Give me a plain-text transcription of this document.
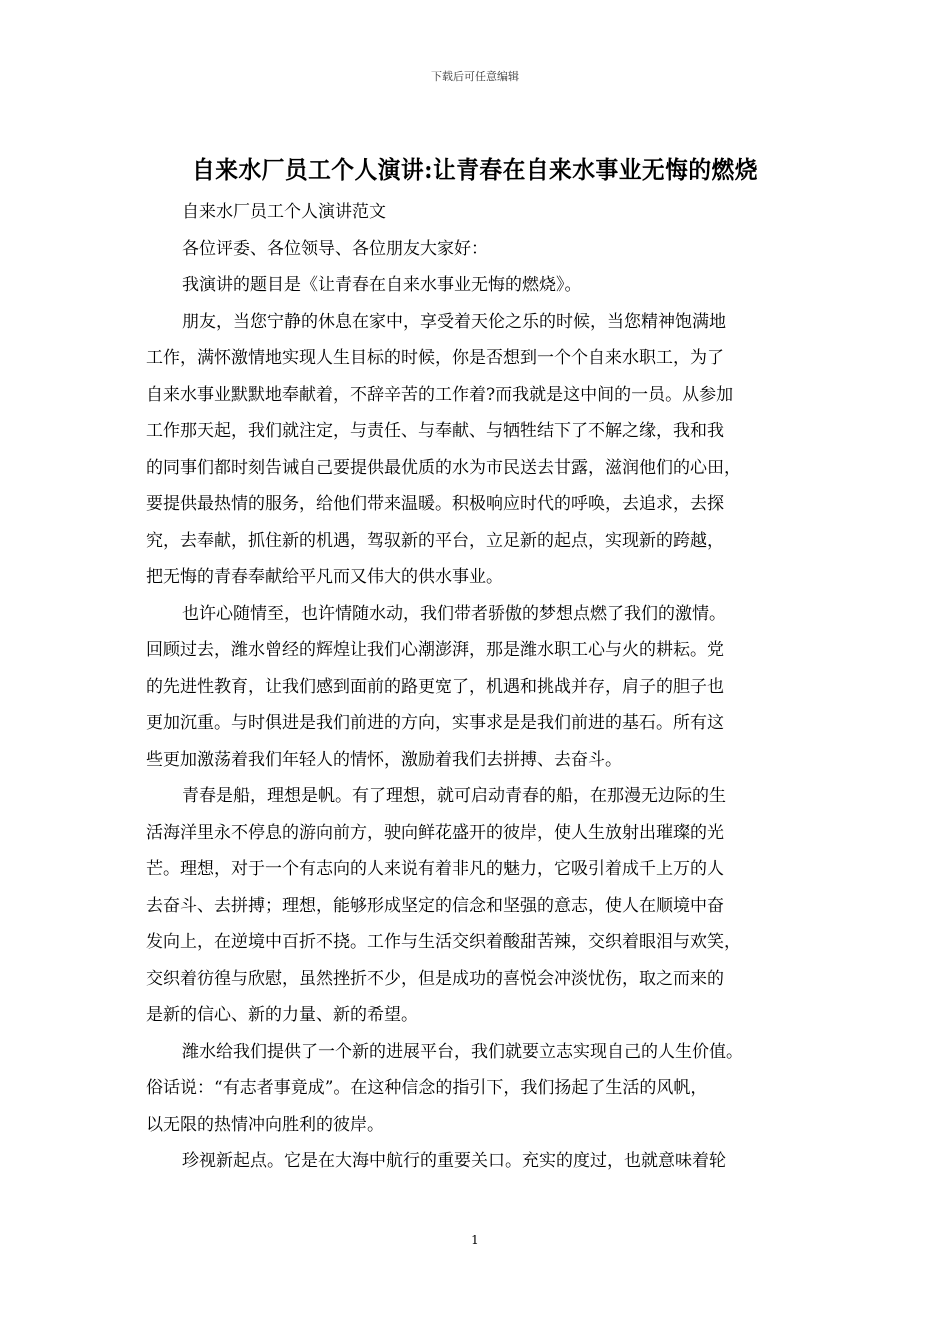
下载后可任意编辑
自来水厂员工个人演讲:让青春在自来水事业无悔的燃烧
自来水厂员工个人演讲范文
各位评委、各位领导、各位朋友大家好：
我演讲的题目是《让青春在自来水事业无悔的燃烧》。
朋友，当您宁静的休息在家中，享受着天伦之乐的时候，当您精神饱满地
工作，满怀激情地实现人生目标的时候，你是否想到一个个自来水职工，为了
自来水事业默默地奉献着，不辞辛苦的工作着?而我就是这中间的一员。从参加
工作那天起，我们就注定，与责任、与奉献、与牺牲结下了不解之缘，我和我
的同事们都时刻告诫自己要提供最优质的水为市民送去甘露，滋润他们的心田，
要提供最热情的服务，给他们带来温暖。积极响应时代的呼唤，去追求，去探
究，去奉献，抓住新的机遇，驾驭新的平台，立足新的起点，实现新的跨越，
把无悔的青春奉献给平凡而又伟大的供水事业。
也许心随情至，也许情随水动，我们带者骄傲的梦想点燃了我们的激情。
回顾过去，潍水曾经的辉煌让我们心潮澎湃，那是潍水职工心与火的耕耘。党
的先进性教育，让我们感到面前的路更宽了，机遇和挑战并存，肩子的胆子也
更加沉重。与时俱进是我们前进的方向，实事求是是我们前进的基石。所有这
些更加激荡着我们年轻人的情怀，激励着我们去拼搏、去奋斗。
青春是船，理想是帆。有了理想，就可启动青春的船，在那漫无边际的生
活海洋里永不停息的游向前方，驶向鲜花盛开的彼岸，使人生放射出璀璨的光
芒。理想，对于一个有志向的人来说有着非凡的魅力，它吸引着成千上万的人
去奋斗、去拼搏；理想，能够形成坚定的信念和坚强的意志，使人在顺境中奋
发向上，在逆境中百折不挠。工作与生活交织着酸甜苦辣，交织着眼泪与欢笑，
交织着彷徨与欣慰，虽然挫折不少，但是成功的喜悦会冲淡忧伤，取之而来的
是新的信心、新的力量、新的希望。
潍水给我们提供了一个新的进展平台，我们就要立志实现自己的人生价值。
俗话说：“有志者事竟成”。在这种信念的指引下，我们扬起了生活的风帆，
以无限的热情冲向胜利的彼岸。
珍视新起点。它是在大海中航行的重要关口。充实的度过，也就意味着轮
1
